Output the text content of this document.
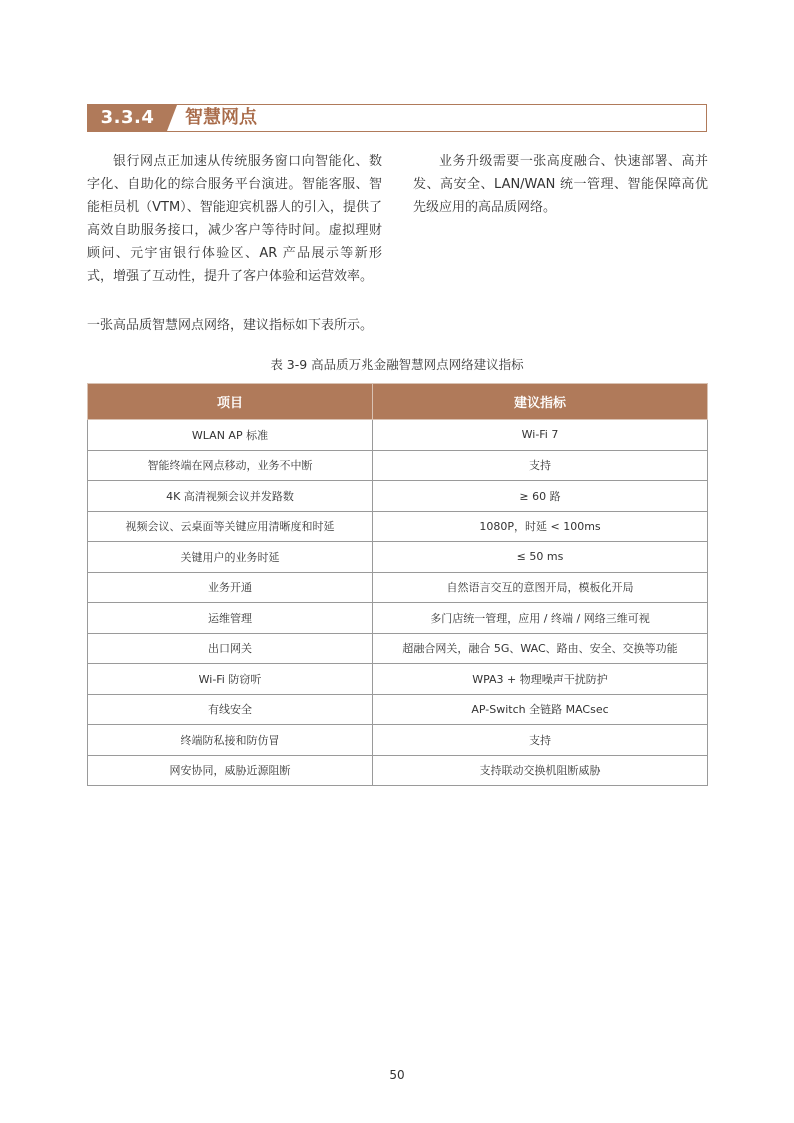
3.3.4	智慧网点
银行网点正加速从传统服务窗口向智能化、数字化、自助化的综合服务平台演进。智能客服、智能柜员机（VTM）、智能迎宾机器人的引入，提供了高效自助服务接口，减少客户等待时间。虚拟理财顾问、元宇宙银行体验区、AR 产品展示等新形式，增强了互动性，提升了客户体验和运营效率。
业务升级需要一张高度融合、快速部署、高并发、高安全、LAN/WAN 统一管理、智能保障高优先级应用的高品质网络。
一张高品质智慧网点网络，建议指标如下表所示。
表 3-9 高品质万兆金融智慧网点网络建议指标
项目	建议指标
WLAN AP 标准	Wi-Fi 7
智能终端在网点移动，业务不中断	支持
4K 高清视频会议并发路数	≥ 60 路
视频会议、云桌面等关键应用清晰度和时延	1080P，时延 < 100ms
关键用户的业务时延	≤ 50 ms
业务开通	自然语言交互的意图开局，模板化开局
运维管理	多门店统一管理，应用 / 终端 / 网络三维可视
出口网关	超融合网关，融合 5G、WAC、路由、安全、交换等功能
Wi-Fi 防窃听	WPA3 + 物理噪声干扰防护
有线安全	AP-Switch 全链路 MACsec
终端防私接和防仿冒	支持
网安协同，威胁近源阻断	支持联动交换机阻断威胁
50
